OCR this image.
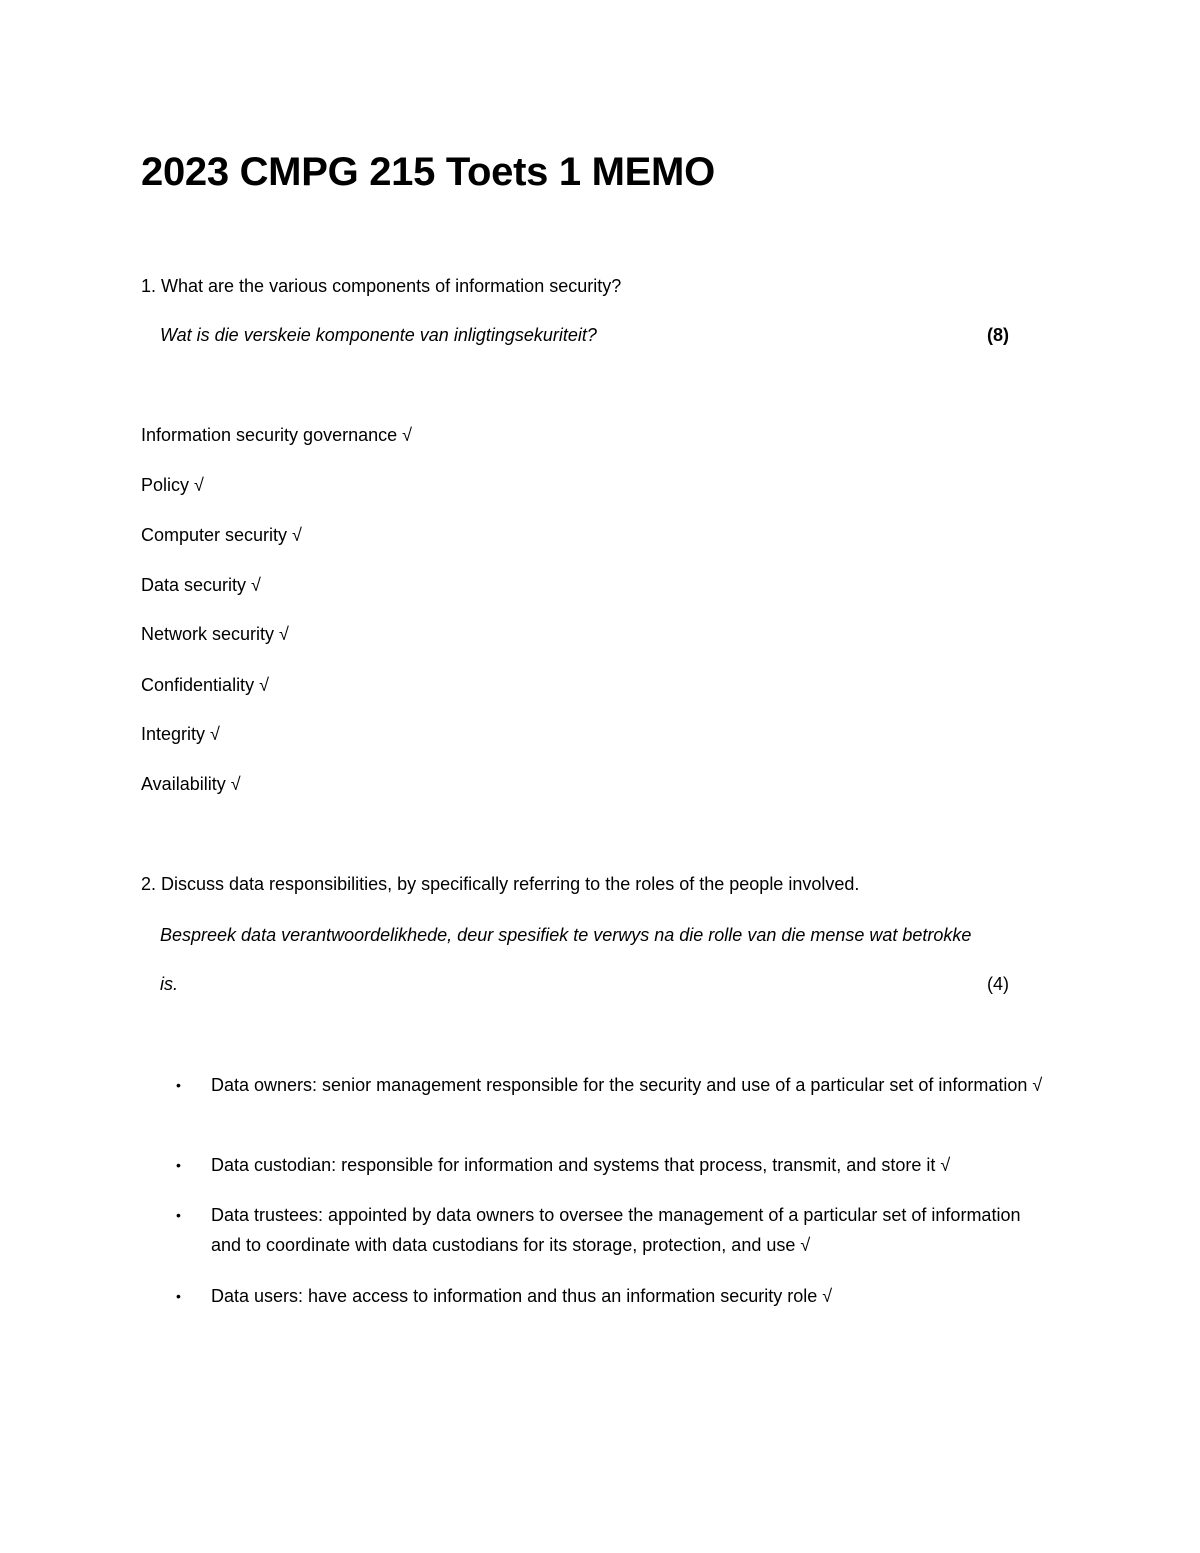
2023 CMPG 215 Toets 1 MEMO
1. What are the various components of information security?
Wat is die verskeie komponente van inligtingsekuriteit?	(8)
Information security governance √
Policy √
Computer security √
Data security √
Network security √
Confidentiality √
Integrity √
Availability √
2. Discuss data responsibilities, by specifically referring to the roles of the people involved.
Bespreek data verantwoordelikhede, deur spesifiek te verwys na die rolle van die mense wat betrokke
is.	(4)
• Data owners: senior management responsible for the security and use of a particular set of information √
• Data custodian: responsible for information and systems that process, transmit, and store it √
• Data trustees: appointed by data owners to oversee the management of a particular set of information and to coordinate with data custodians for its storage, protection, and use √
• Data users: have access to information and thus an information security role √
